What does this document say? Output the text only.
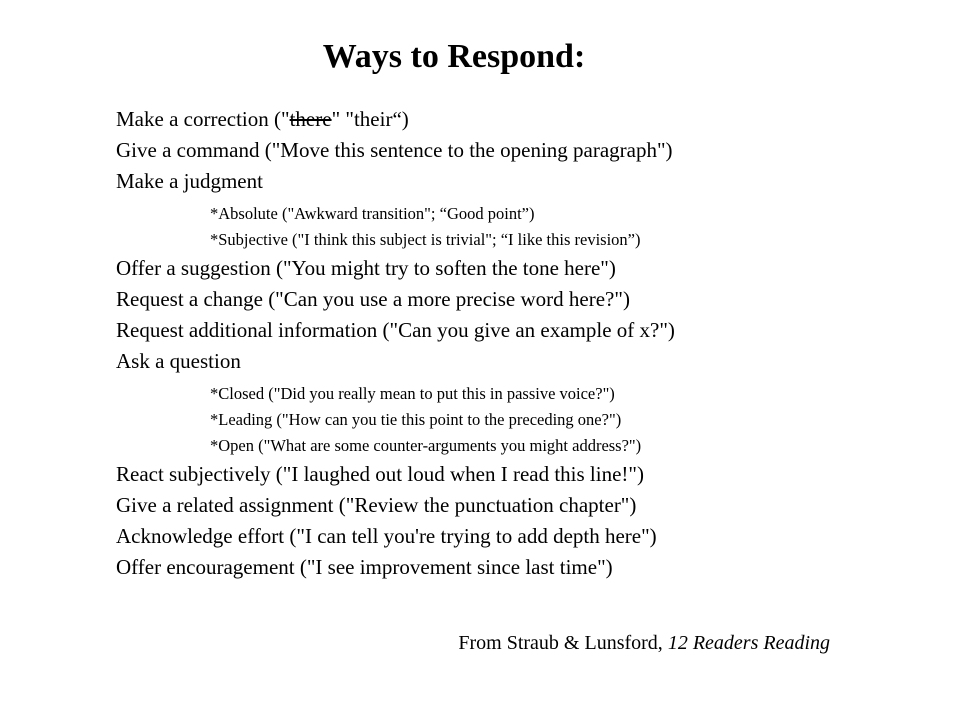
Ways to Respond:
Make a correction ("there" "their“)
Give a command ("Move this sentence to the opening paragraph")
Make a judgment
*Absolute ("Awkward transition"; “Good point”)
*Subjective ("I think this subject is trivial"; “I like this revision”)
Offer a suggestion ("You might try to soften the tone here")
Request a change ("Can you use a more precise word here?")
Request additional information ("Can you give an example of x?")
Ask a question
*Closed ("Did you really mean to put this in passive voice?")
*Leading ("How can you tie this point to the preceding one?")
*Open ("What are some counter-arguments you might address?")
React subjectively ("I laughed out loud when I read this line!")
Give a related assignment ("Review the punctuation chapter")
Acknowledge effort ("I can tell you're trying to add depth here")
Offer encouragement ("I see improvement since last time")
From Straub & Lunsford, 12 Readers Reading
